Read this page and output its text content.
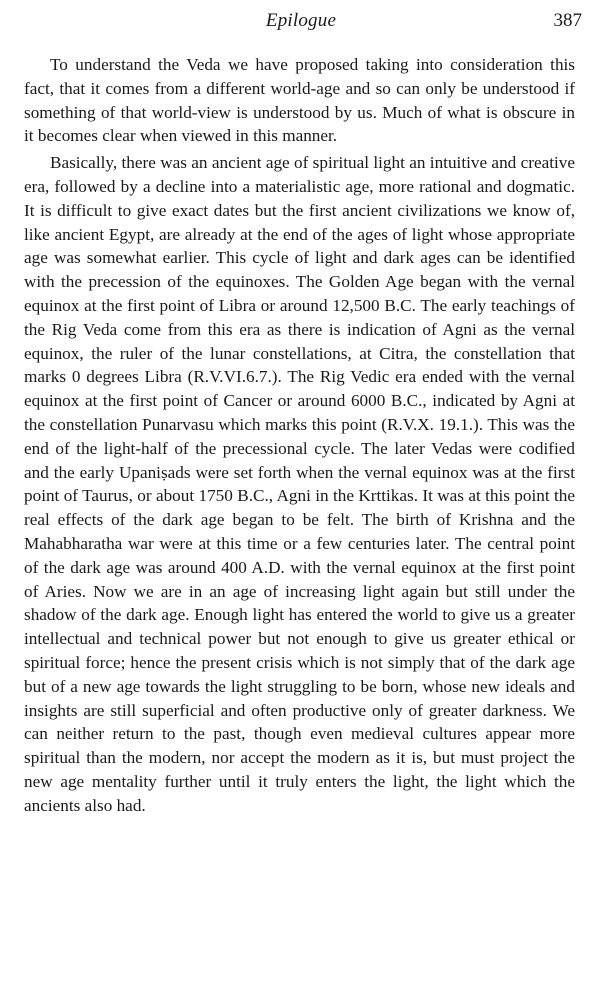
Epilogue	387

To understand the Veda we have proposed taking into consideration this fact, that it comes from a different world-age and so can only be understood if something of that world-view is understood by us. Much of what is obscure in it becomes clear when viewed in this manner.

Basically, there was an ancient age of spiritual light an intuitive and creative era, followed by a decline into a materialistic age, more rational and dogmatic. It is difficult to give exact dates but the first ancient civilizations we know of, like ancient Egypt, are already at the end of the ages of light whose appropriate age was somewhat earlier. This cycle of light and dark ages can be identified with the precession of the equinoxes. The Golden Age began with the vernal equinox at the first point of Libra or around 12,500 B.C. The early teachings of the Rig Veda come from this era as there is indication of Agni as the vernal equinox, the ruler of the lunar constellations, at Citra, the constellation that marks 0 degrees Libra (R.V.VI.6.7.). The Rig Vedic era ended with the vernal equinox at the first point of Cancer or around 6000 B.C., indicated by Agni at the constellation Punarvasu which marks this point (R.V.X. 19.1.). This was the end of the light-half of the precessional cycle. The later Vedas were codified and the early Upaniṣads were set forth when the vernal equinox was at the first point of Taurus, or about 1750 B.C., Agni in the Krttikas. It was at this point the real effects of the dark age began to be felt. The birth of Krishna and the Mahabharatha war were at this time or a few centuries later. The central point of the dark age was around 400 A.D. with the vernal equinox at the first point of Aries. Now we are in an age of increasing light again but still under the shadow of the dark age. Enough light has entered the world to give us a greater intellectual and technical power but not enough to give us greater ethical or spiritual force; hence the present crisis which is not simply that of the dark age but of a new age towards the light struggling to be born, whose new ideals and insights are still superficial and often productive only of greater darkness. We can neither return to the past, though even medieval cultures appear more spiritual than the modern, nor accept the modern as it is, but must project the new age mentality further until it truly enters the light, the light which the ancients also had.
